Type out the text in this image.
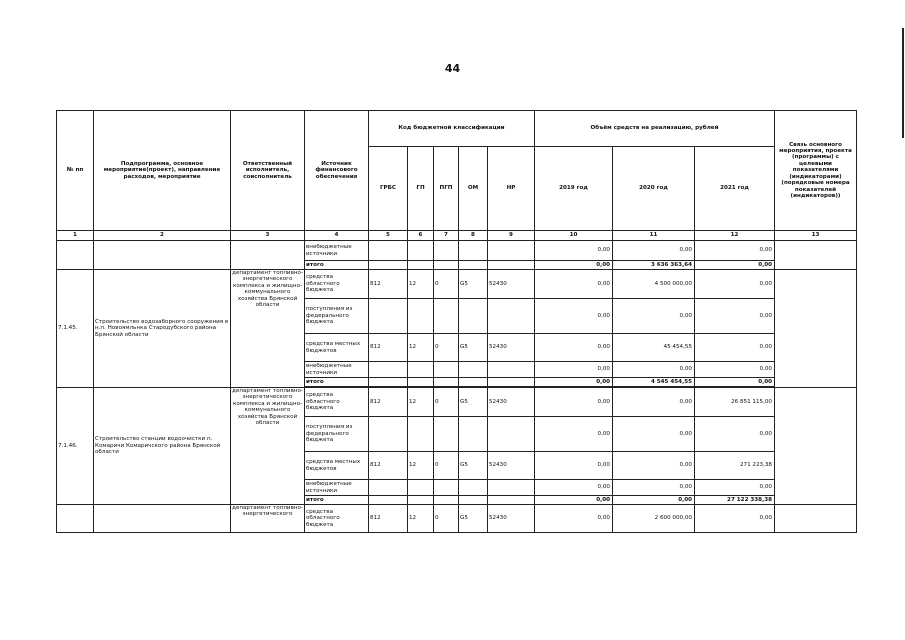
44
№ пп	Подпрограмма, основное мероприятие(проект), направление расходов, мероприятие	Ответственный исполнитель, соисполнитель	Источник финансового обеспечения	Код бюджетной классификации					Объём средств на реализацию, рублей			Связь основного мероприятия, проекта (программы) с целевыми показателями (индикаторами) (порядковые номера показателей (индикаторов))
				ГРБС	ГП	ПГП	ОМ	НР	2019 год	2020 год	2021 год	
1	2	3	4	5	6	7	8	9	10	11	12	13
			внебюджетные источники						0,00	0,00	0,00	
			итого						0,00	3 636 363,64	0,00	
7.1.45.	Строительство водозаборного сооружения в н.п. Новоямльнка Стародубского района Брянской области	департамент топливно-энергетического комплекса и жилищно-коммунального хозяйства Брянской области	средства областного бюджета	812	12	0	G5	52430	0,00	4 500 000,00	0,00	
			поступления из федерального бюджета						0,00	0,00	0,00	
			средства местных бюджетов	812	12	0	G5	52430	0,00	45 454,55	0,00	
			внебюджетные источники						0,00	0,00	0,00	
			итого						0,00	4 545 454,55	0,00	

7.1.46.	Строительство станции водоочистки п. Комаричи Комаричского района Брянской области	департамент топливно-энергетического комплекса и жилищно-коммунального хозяйства Брянской области	средства областного бюджета	812	12	0	G5	52430	0,00	0,00	26 851 115,00	
			поступления из федерального бюджета						0,00	0,00	0,00	
			средства местных бюджетов	812	12	0	G5	52430	0,00	0,00	271 223,38	
			внебюджетные источники						0,00	0,00	0,00	
			итого						0,00	0,00	27 122 338,38	
		департамент топливно-энергетического	средства областного бюджета	812	12	0	G5	52430	0,00	2 600 000,00	0,00	
